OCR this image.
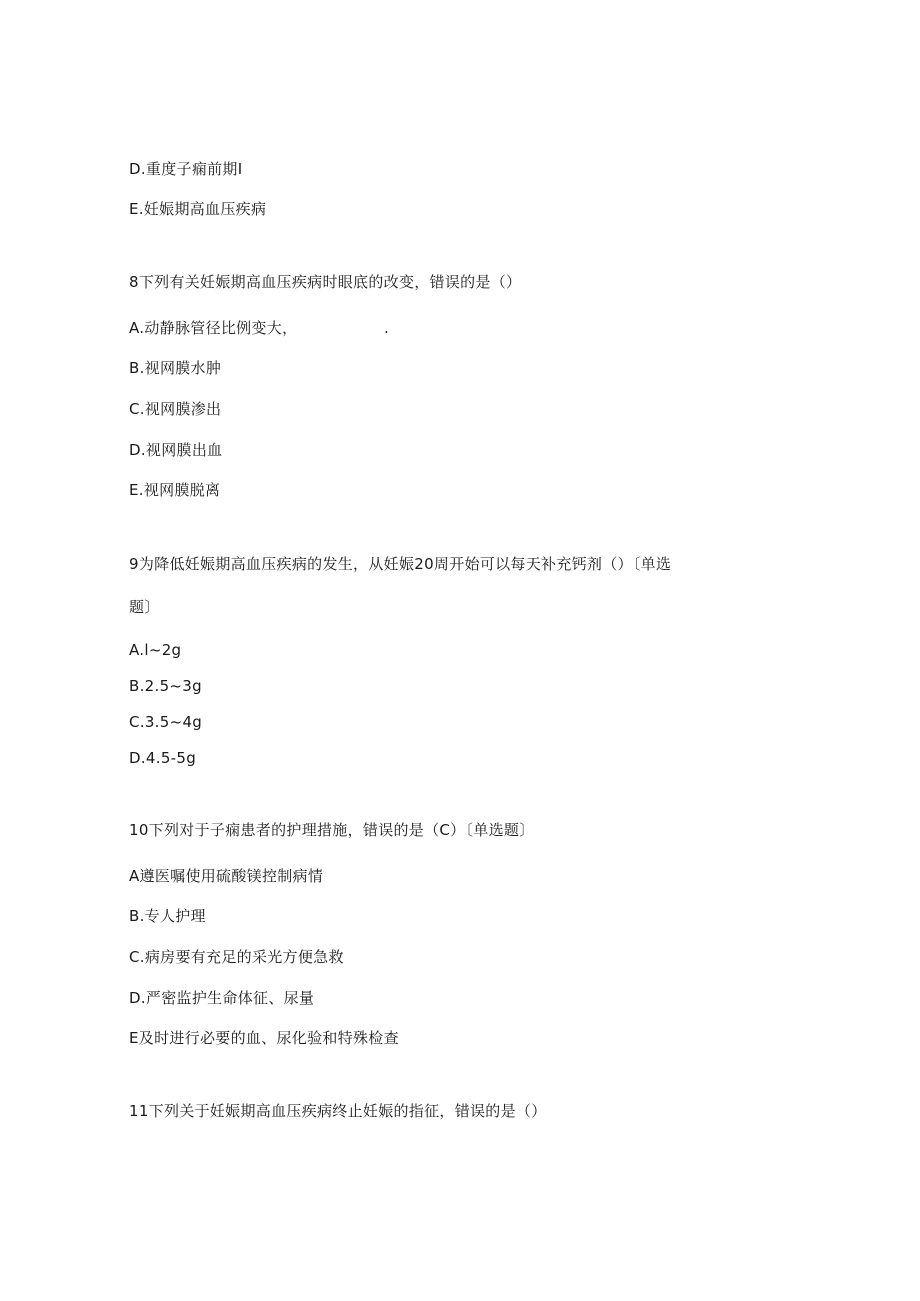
D.重度子痫前期I
E.妊娠期高血压疾病
8下列有关妊娠期高血压疾病时眼底的改变，错误的是（）
A.动静脉管径比例变大，	.
B.视网膜水肿
C.视网膜渗出
D.视网膜出血
E.视网膜脱离
9为降低妊娠期高血压疾病的发生，从妊娠20周开始可以每天补充钙剂（）〔单选
题〕
A.l~2g
B.2.5~3g
C.3.5~4g
D.4.5-5g
10下列对于子痫患者的护理措施，错误的是（C）〔单选题〕
A遵医嘱使用硫酸镁控制病情
B.专人护理
C.病房要有充足的采光方便急救
D.严密监护生命体征、尿量
E及时进行必要的血、尿化验和特殊检查
11下列关于妊娠期高血压疾病终止妊娠的指征，错误的是（）
